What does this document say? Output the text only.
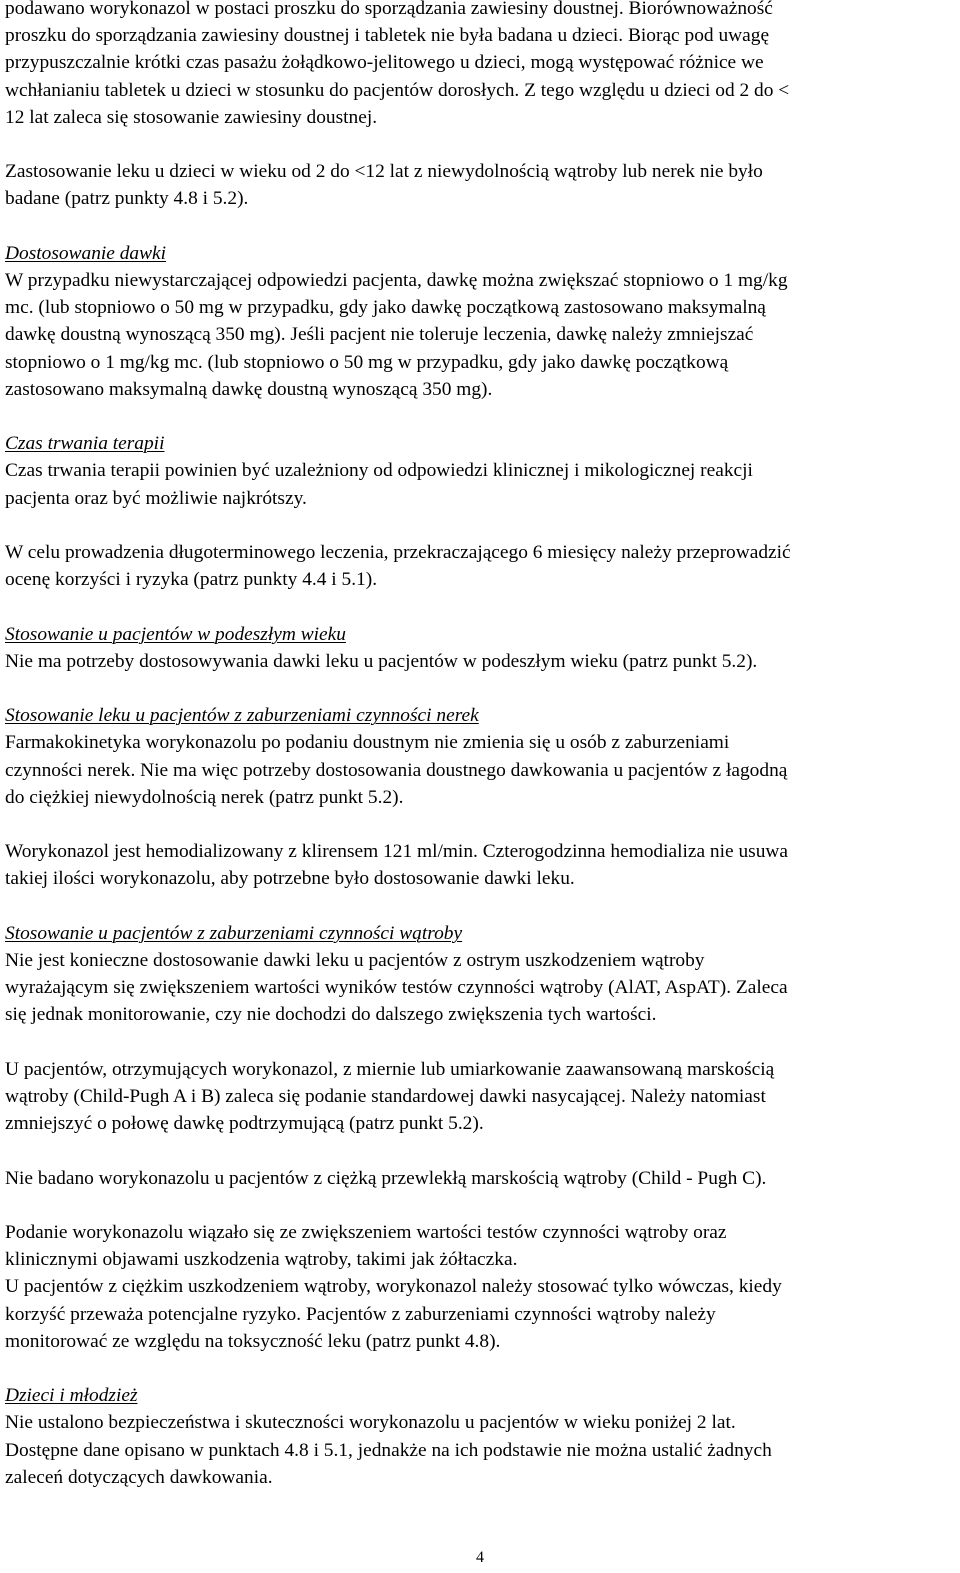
podawano worykonazol w postaci proszku do sporządzania zawiesiny doustnej. Biorównoważność
proszku do sporządzania zawiesiny doustnej i tabletek nie była badana u dzieci. Biorąc pod uwagę
przypuszczalnie krótki czas pasażu żołądkowo-jelitowego u dzieci, mogą występować różnice we
wchłanianiu tabletek u dzieci w stosunku do pacjentów dorosłych. Z tego względu u dzieci od 2 do <
12 lat zaleca się stosowanie zawiesiny doustnej.
Zastosowanie leku u dzieci w wieku od 2 do <12 lat z niewydolnością wątroby lub nerek nie było
badane (patrz punkty 4.8 i 5.2).
Dostosowanie dawki
W przypadku niewystarczającej odpowiedzi pacjenta, dawkę można zwiększać stopniowo o 1 mg/kg
mc. (lub stopniowo o 50 mg w przypadku, gdy jako dawkę początkową zastosowano maksymalną
dawkę doustną wynoszącą 350 mg). Jeśli pacjent nie toleruje leczenia, dawkę należy zmniejszać
stopniowo o 1 mg/kg mc. (lub stopniowo o 50 mg w przypadku, gdy jako dawkę początkową
zastosowano maksymalną dawkę doustną wynoszącą 350 mg).
Czas trwania terapii
Czas trwania terapii powinien być uzależniony od odpowiedzi klinicznej i mikologicznej reakcji
pacjenta oraz być możliwie najkrótszy.
W celu prowadzenia długoterminowego leczenia, przekraczającego 6 miesięcy należy przeprowadzić
ocenę korzyści i ryzyka (patrz punkty 4.4 i 5.1).
Stosowanie u pacjentów w podeszłym wieku
Nie ma potrzeby dostosowywania dawki leku u pacjentów w podeszłym wieku (patrz punkt 5.2).
Stosowanie leku u pacjentów z zaburzeniami czynności nerek
Farmakokinetyka worykonazolu po podaniu doustnym nie zmienia się u osób z zaburzeniami
czynności nerek. Nie ma więc potrzeby dostosowania doustnego dawkowania u pacjentów z łagodną
do ciężkiej niewydolnością nerek (patrz punkt 5.2).
Worykonazol jest hemodializowany z klirensem 121 ml/min. Czterogodzinna hemodializa nie usuwa
takiej ilości worykonazolu, aby potrzebne było dostosowanie dawki leku.
Stosowanie u pacjentów z zaburzeniami czynności wątroby
Nie jest konieczne dostosowanie dawki leku u pacjentów z ostrym uszkodzeniem wątroby
wyrażającym się zwiększeniem wartości wyników testów czynności wątroby (AlAT, AspAT). Zaleca
się jednak monitorowanie, czy nie dochodzi do dalszego zwiększenia tych wartości.
U pacjentów, otrzymujących worykonazol, z miernie lub umiarkowanie zaawansowaną marskością
wątroby (Child-Pugh A i B) zaleca się podanie standardowej dawki nasycającej. Należy natomiast
zmniejszyć o połowę dawkę podtrzymującą (patrz punkt 5.2).
Nie badano worykonazolu u pacjentów z ciężką przewlekłą marskością wątroby (Child - Pugh C).
Podanie worykonazolu wiązało się ze zwiększeniem wartości testów czynności wątroby oraz
klinicznymi objawami uszkodzenia wątroby, takimi jak żółtaczka.
U pacjentów z ciężkim uszkodzeniem wątroby, worykonazol należy stosować tylko wówczas, kiedy
korzyść przeważa potencjalne ryzyko. Pacjentów z zaburzeniami czynności wątroby należy
monitorować ze względu na toksyczność leku (patrz punkt 4.8).
Dzieci i młodzież
Nie ustalono bezpieczeństwa i skuteczności worykonazolu u pacjentów w wieku poniżej 2 lat.
Dostępne dane opisano w punktach 4.8 i 5.1, jednakże na ich podstawie nie można ustalić żadnych
zaleceń dotyczących dawkowania.
4
